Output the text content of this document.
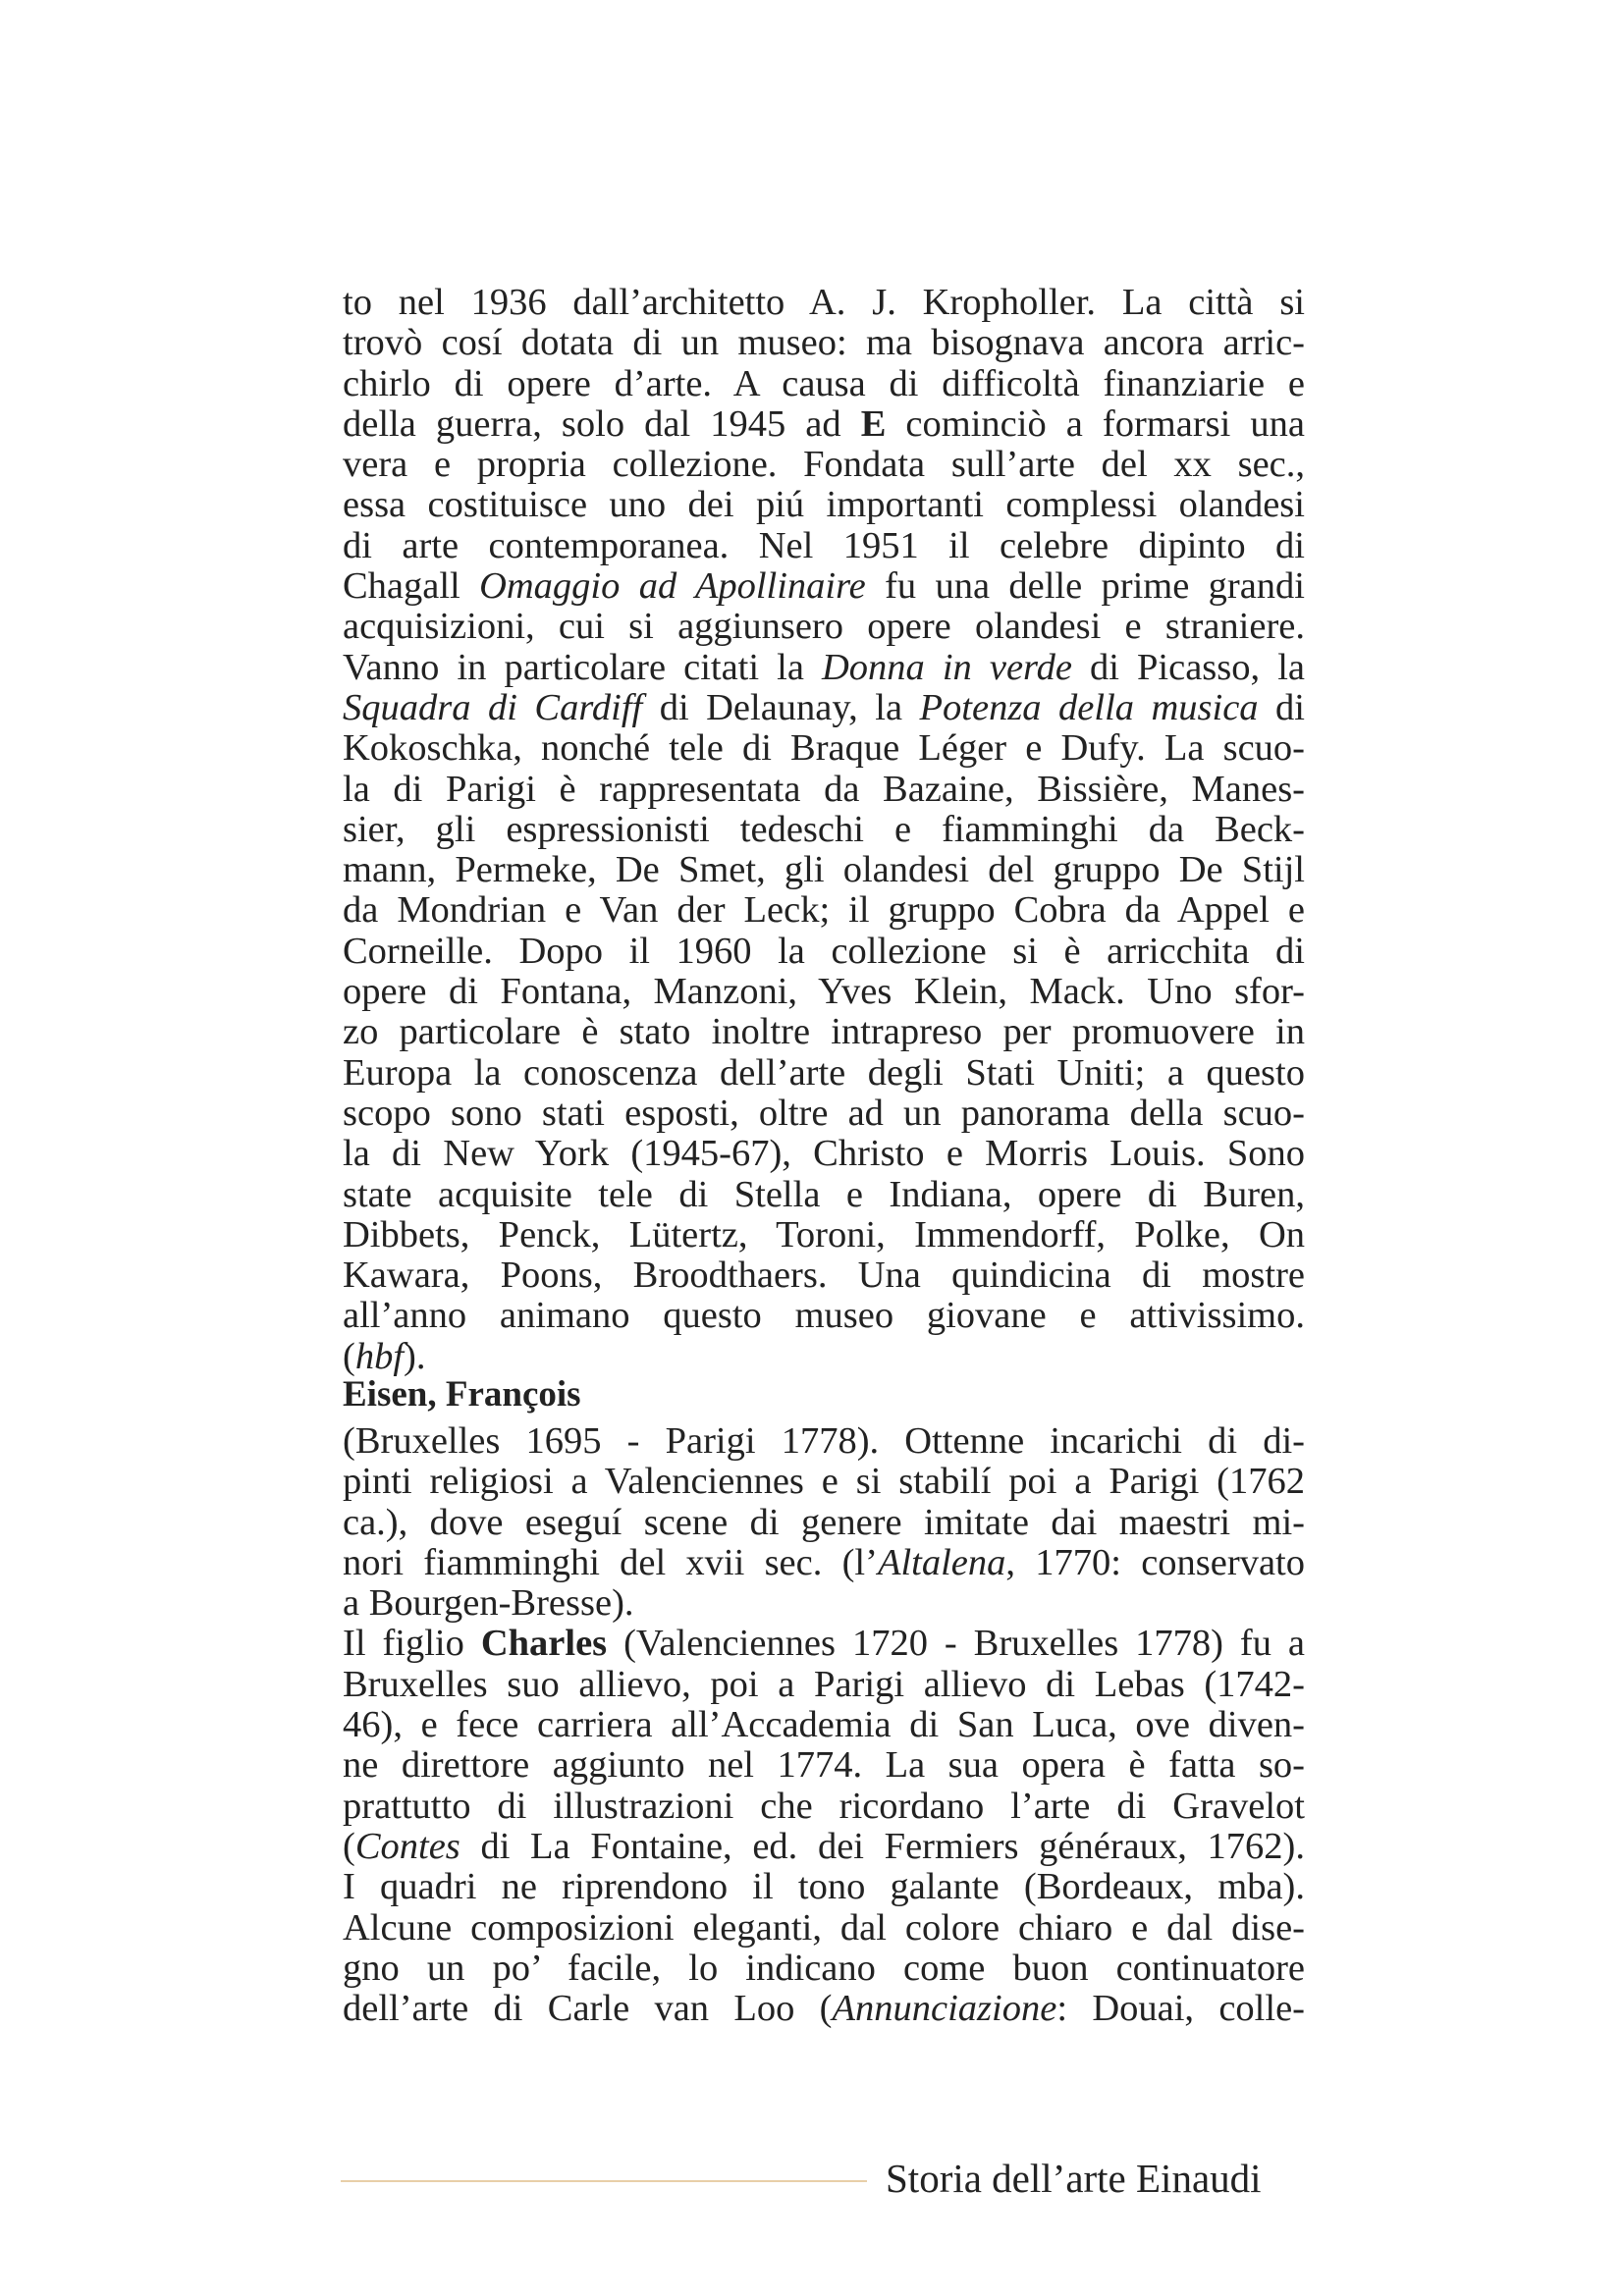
to nel 1936 dall’architetto A. J. Kropholler. La città si
trovò cosí dotata di un museo: ma bisognava ancora arric-
chirlo di opere d’arte. A causa di difficoltà finanziarie e
della guerra, solo dal 1945 ad E cominciò a formarsi una
vera e propria collezione. Fondata sull’arte del xx sec.,
essa costituisce uno dei piú importanti complessi olandesi
di arte contemporanea. Nel 1951 il celebre dipinto di
Chagall Omaggio ad Apollinaire fu una delle prime grandi
acquisizioni, cui si aggiunsero opere olandesi e straniere.
Vanno in particolare citati la Donna in verde di Picasso, la
Squadra di Cardiff di Delaunay, la Potenza della musica di
Kokoschka, nonché tele di Braque Léger e Dufy. La scuo-
la di Parigi è rappresentata da Bazaine, Bissière, Manes-
sier, gli espressionisti tedeschi e fiamminghi da Beck-
mann, Permeke, De Smet, gli olandesi del gruppo De Stijl
da Mondrian e Van der Leck; il gruppo Cobra da Appel e
Corneille. Dopo il 1960 la collezione si è arricchita di
opere di Fontana, Manzoni, Yves Klein, Mack. Uno sfor-
zo particolare è stato inoltre intrapreso per promuovere in
Europa la conoscenza dell’arte degli Stati Uniti; a questo
scopo sono stati esposti, oltre ad un panorama della scuo-
la di New York (1945-67), Christo e Morris Louis. Sono
state acquisite tele di Stella e Indiana, opere di Buren,
Dibbets, Penck, Lütertz, Toroni, Immendorff, Polke, On
Kawara, Poons, Broodthaers. Una quindicina di mostre
all’anno animano questo museo giovane e attivissimo.
(hbf).
Eisen, François
(Bruxelles 1695 - Parigi 1778). Ottenne incarichi di di-
pinti religiosi a Valenciennes e si stabilí poi a Parigi (1762
ca.), dove eseguí scene di genere imitate dai maestri mi-
nori fiamminghi del xvii sec. (l’Altalena, 1770: conservato
a Bourgen-Bresse).
Il figlio Charles (Valenciennes 1720 - Bruxelles 1778) fu a
Bruxelles suo allievo, poi a Parigi allievo di Lebas (1742-
46), e fece carriera all’Accademia di San Luca, ove diven-
ne direttore aggiunto nel 1774. La sua opera è fatta so-
prattutto di illustrazioni che ricordano l’arte di Gravelot
(Contes di La Fontaine, ed. dei Fermiers généraux, 1762).
I quadri ne riprendono il tono galante (Bordeaux, mba).
Alcune composizioni eleganti, dal colore chiaro e dal dise-
gno un po’ facile, lo indicano come buon continuatore
dell’arte di Carle van Loo (Annunciazione: Douai, colle-
Storia dell’arte Einaudi
